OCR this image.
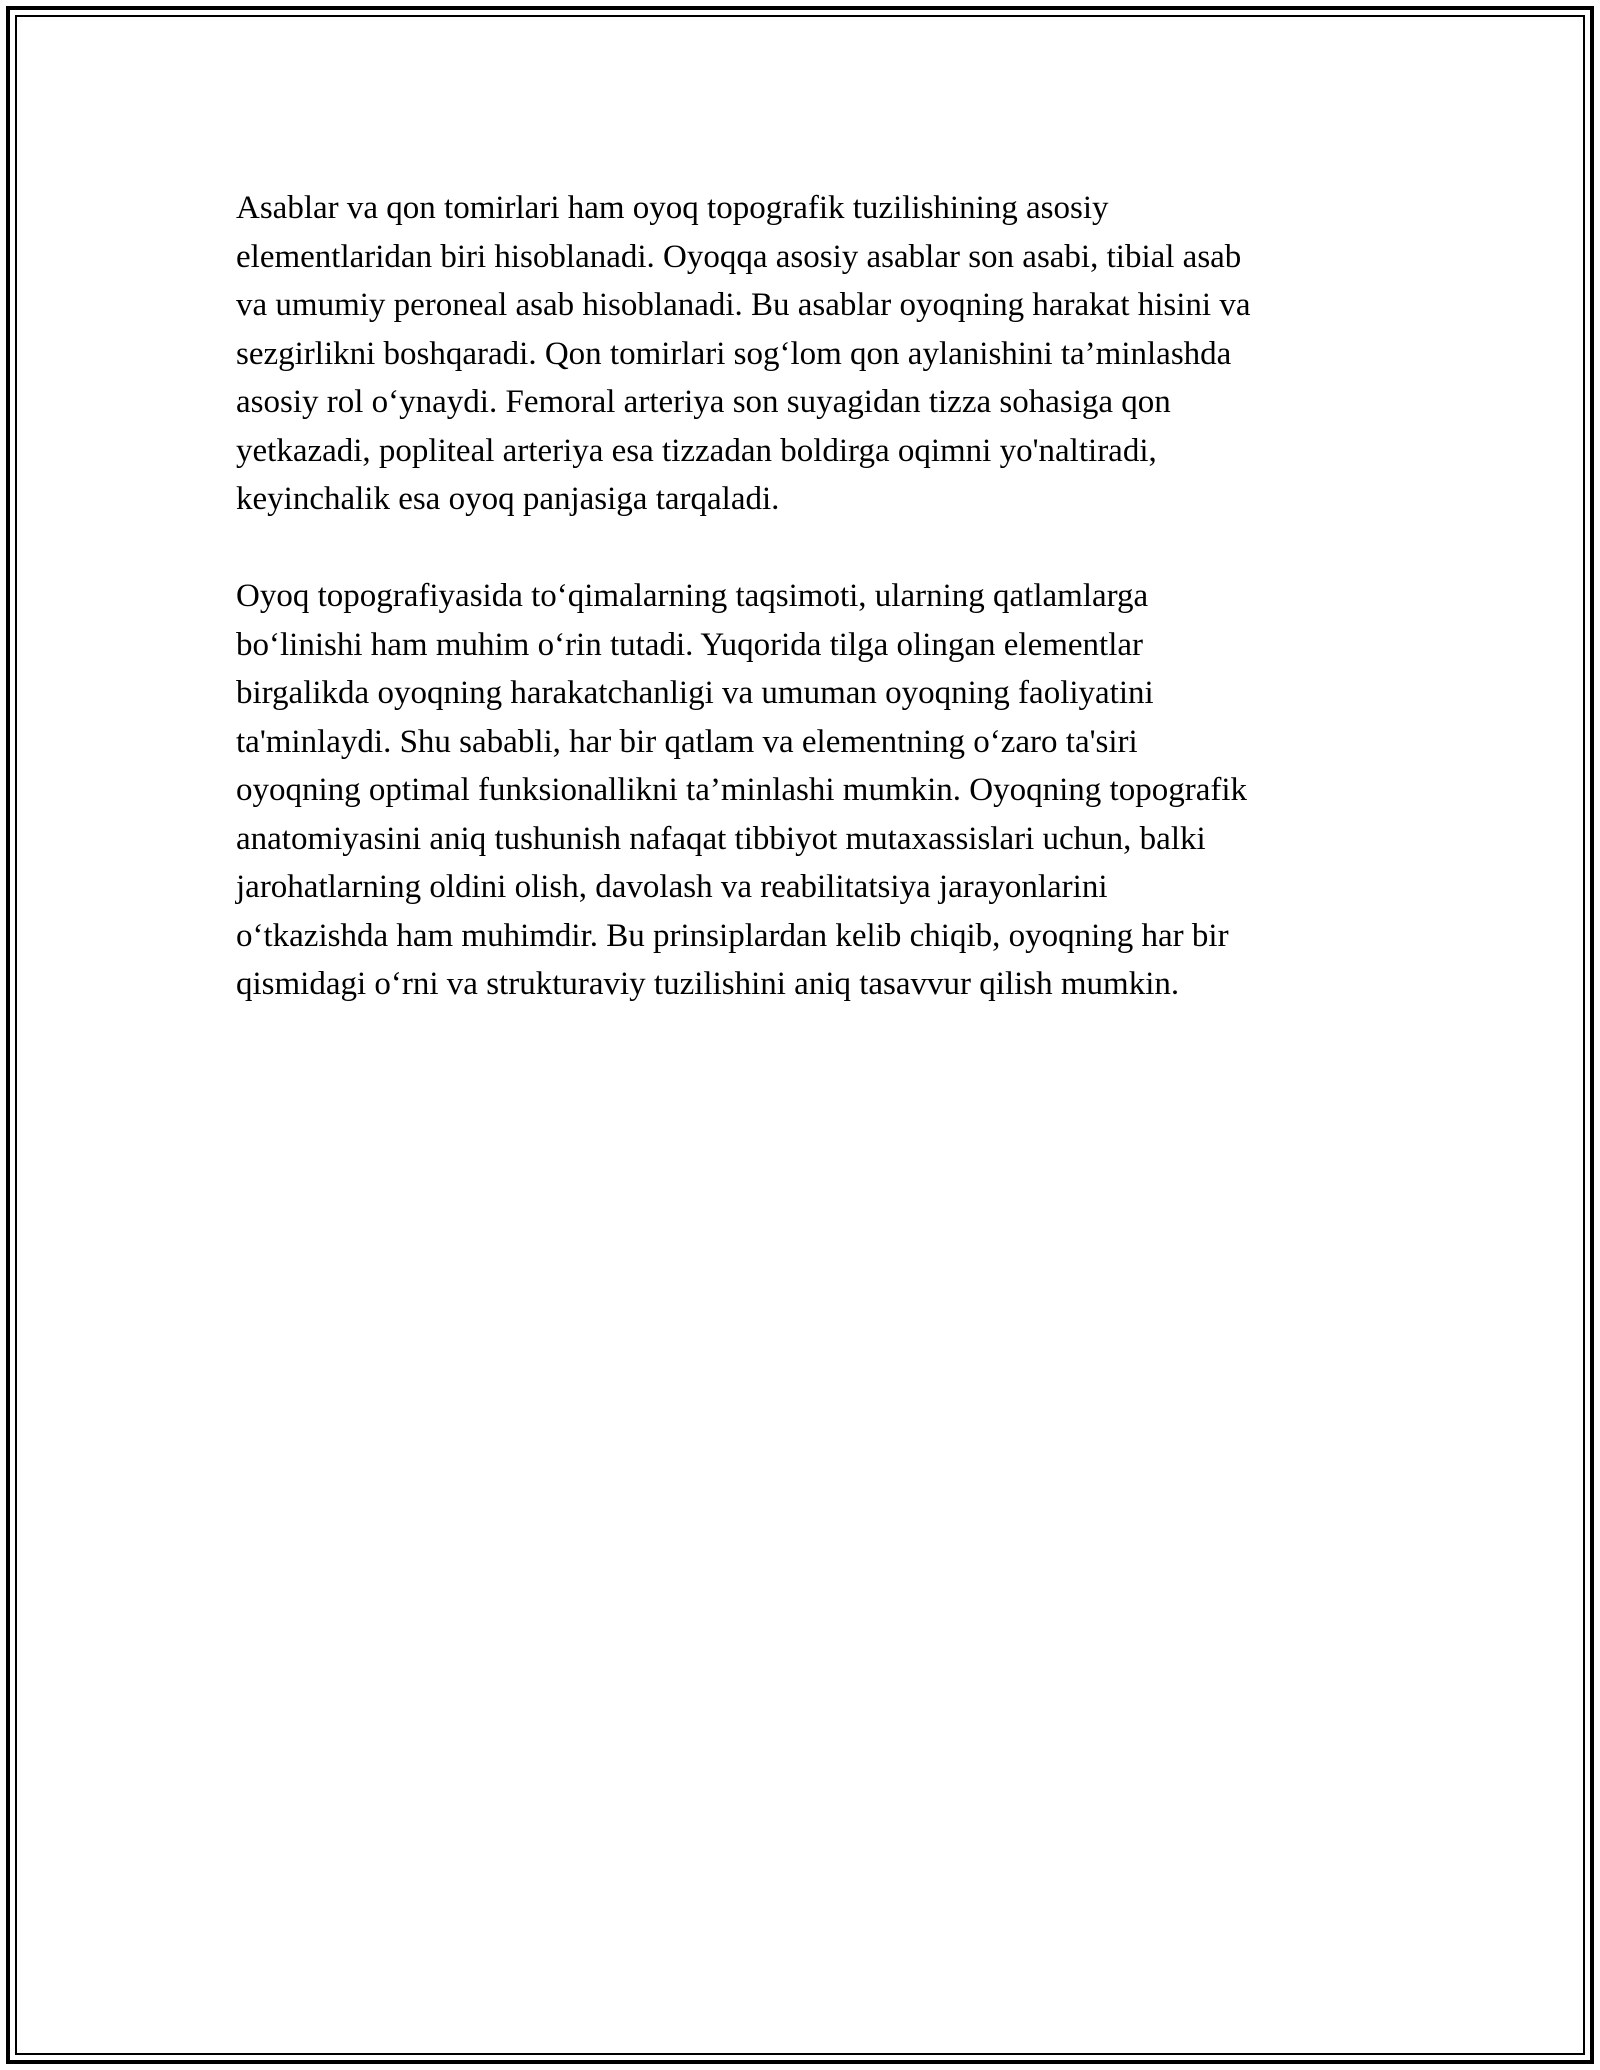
Asablar va qon tomirlari ham oyoq topografik tuzilishining asosiy
elementlaridan biri hisoblanadi. Oyoqqa asosiy asablar son asabi, tibial asab
va umumiy peroneal asab hisoblanadi. Bu asablar oyoqning harakat hisini va
sezgirlikni boshqaradi. Qon tomirlari sog‘lom qon aylanishini ta’minlashda
asosiy rol o‘ynaydi. Femoral arteriya son suyagidan tizza sohasiga qon
yetkazadi, popliteal arteriya esa tizzadan boldirga oqimni yo'naltiradi,
keyinchalik esa oyoq panjasiga tarqaladi.

Oyoq topografiyasida to‘qimalarning taqsimoti, ularning qatlamlarga
bo‘linishi ham muhim o‘rin tutadi. Yuqorida tilga olingan elementlar
birgalikda oyoqning harakatchanligi va umuman oyoqning faoliyatini
ta'minlaydi. Shu sababli, har bir qatlam va elementning o‘zaro ta'siri
oyoqning optimal funksionallikni ta’minlashi mumkin. Oyoqning topografik
anatomiyasini aniq tushunish nafaqat tibbiyot mutaxassislari uchun, balki
jarohatlarning oldini olish, davolash va reabilitatsiya jarayonlarini
o‘tkazishda ham muhimdir. Bu prinsiplardan kelib chiqib, oyoqning har bir
qismidagi o‘rni va strukturaviy tuzilishini aniq tasavvur qilish mumkin.
